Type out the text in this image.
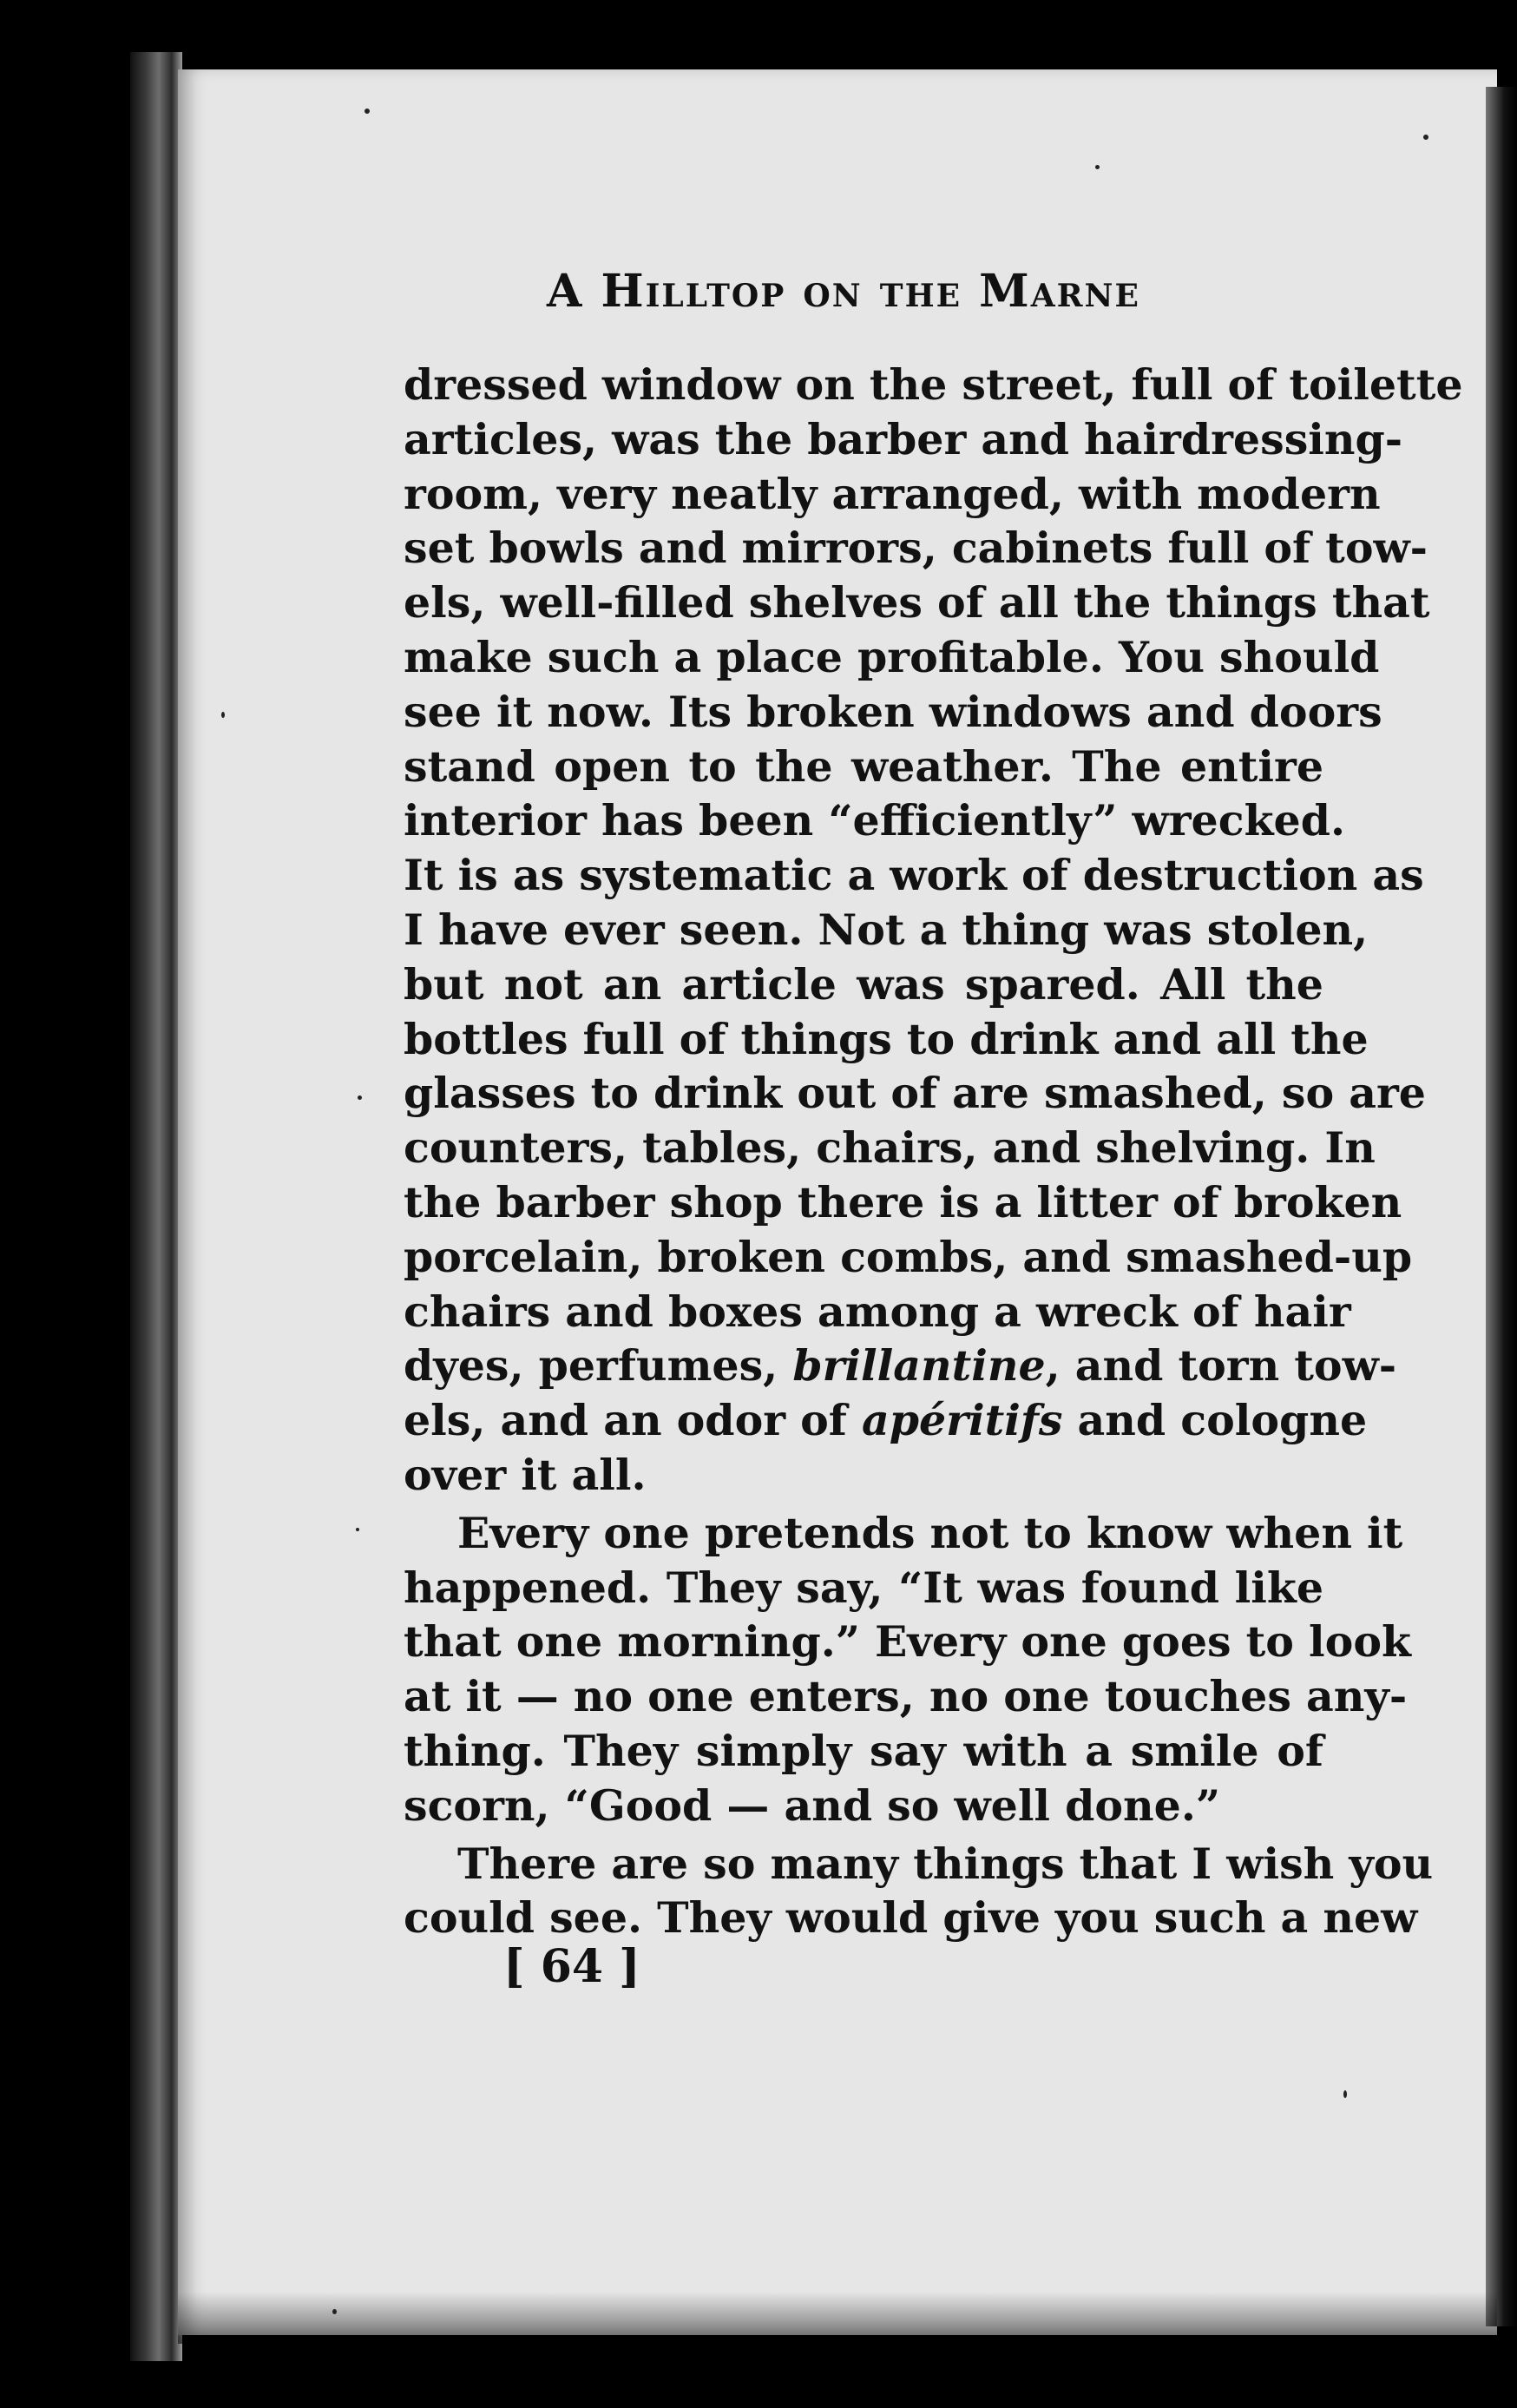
A Hilltop on the Marne
dressed window on the street, full of toilette
articles, was the barber and hairdressing-
room, very neatly arranged, with modern
set bowls and mirrors, cabinets full of tow-
els, well-filled shelves of all the things that
make such a place profitable. You should
see it now. Its broken windows and doors
stand open to the weather. The entire
interior has been “efficiently” wrecked.
It is as systematic a work of destruction as
I have ever seen. Not a thing was stolen,
but not an article was spared. All the
bottles full of things to drink and all the
glasses to drink out of are smashed, so are
counters, tables, chairs, and shelving. In
the barber shop there is a litter of broken
porcelain, broken combs, and smashed-up
chairs and boxes among a wreck of hair
dyes, perfumes, brillantine, and torn tow-
els, and an odor of apéritifs and cologne
over it all.
Every one pretends not to know when it
happened. They say, “It was found like
that one morning.” Every one goes to look
at it — no one enters, no one touches any-
thing. They simply say with a smile of
scorn, “Good — and so well done.”
There are so many things that I wish you
could see. They would give you such a new
[ 64 ]
